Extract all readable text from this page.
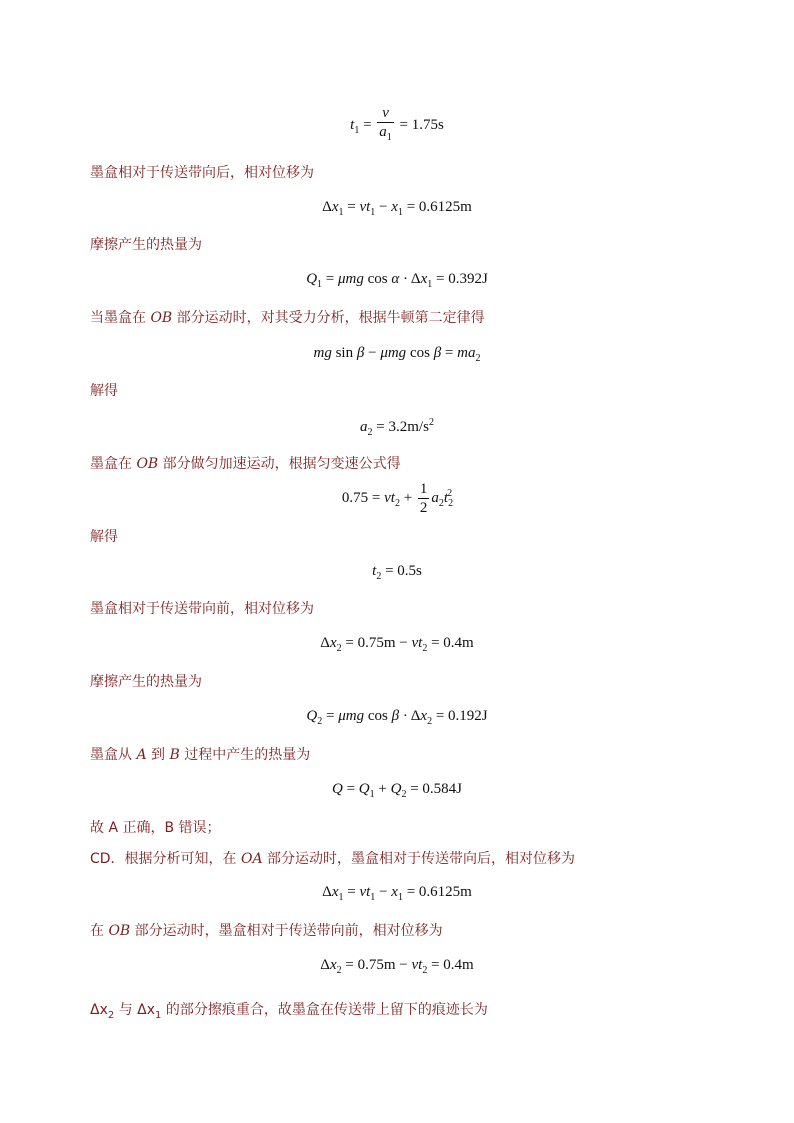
$t_1 = \frac{v}{a_1} = 1.75s$
墨盒相对于传送带向后，相对位移为
$\Delta x_1 = vt_1 - x_1 = 0.6125m$
摩擦产生的热量为
$Q_1 = \mu mg$ $\cos \alpha \cdot \Delta x_1 = 0.392J$
当墨盒在 OB 部分运动时，对其受力分析，根据牛顿第二定律得
mg sin β − μmg $\cos \beta = ma_2$
解得
$a_2 = 3.2m/s^2$
墨盒在 OB 部分做匀加速运动，根据匀变速公式得
$0.75 = vt_2 + \frac{1}{2} a_2t_2^2$
解得
$t_2 = 0.5s$
墨盒相对于传送带向前，相对位移为
$\Delta x_2 = 0.75m - vt_2 = 0.4m$
摩擦产生的热量为
$Q_2 = \mu mg$ $\cos \beta \cdot \Delta x_2 = 0.192J$
墨盒从 A 到 B 过程中产生的热量为
$Q = Q_1 + Q_2 = 0.584J$
故 A 正确，B 错误；
CD．根据分析可知，在 OA 部分运动时，墨盒相对于传送带向后，相对位移为
$\Delta x_1 = vt_1 - x_1 = 0.6125m$
在 OB 部分运动时，墨盒相对于传送带向前，相对位移为
$\Delta x_2 = 0.75m - vt_2 = 0.4m$
$\Delta x_2$ 与 $\Delta x_1$ 的部分擦痕重合，故墨盒在传送带上留下的痕迹长为
